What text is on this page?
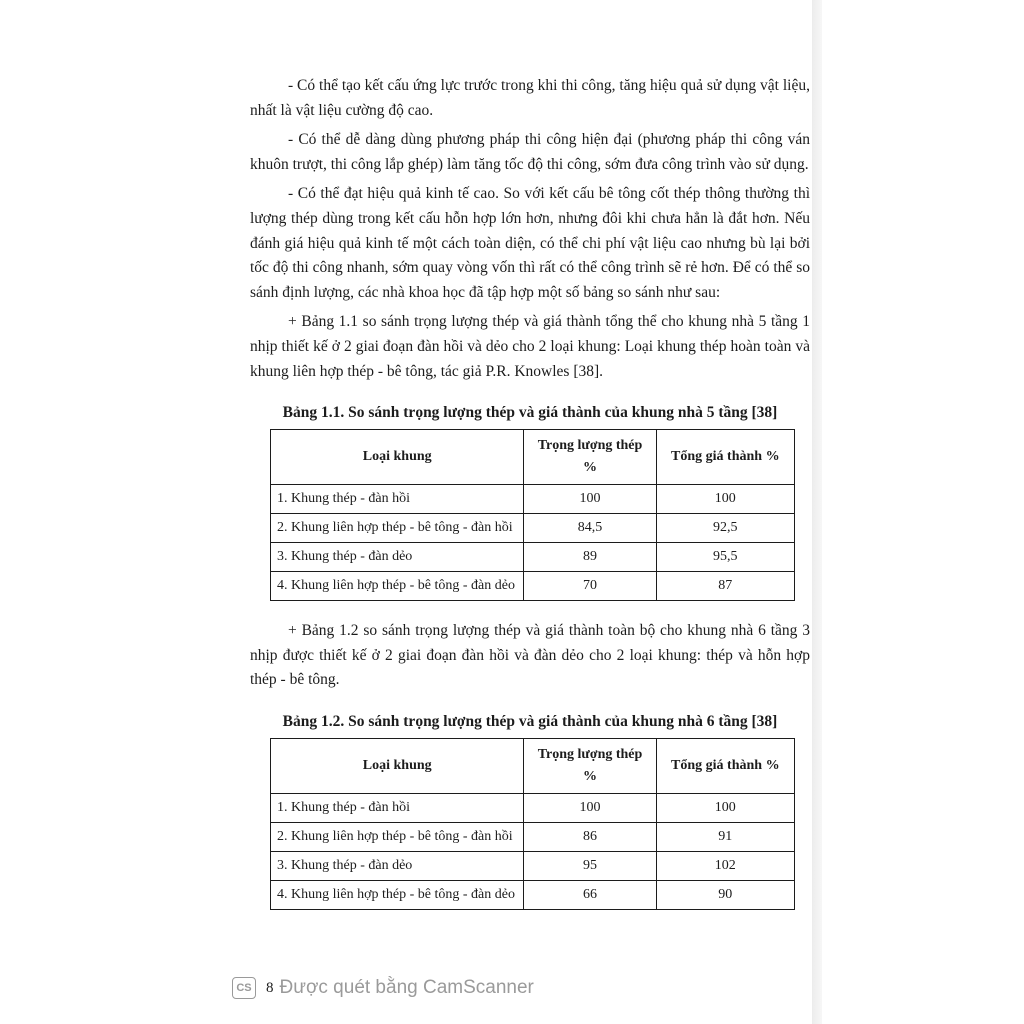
- Có thể tạo kết cấu ứng lực trước trong khi thi công, tăng hiệu quả sử dụng vật liệu, nhất là vật liệu cường độ cao.

- Có thể dễ dàng dùng phương pháp thi công hiện đại (phương pháp thi công ván khuôn trượt, thi công lắp ghép) làm tăng tốc độ thi công, sớm đưa công trình vào sử dụng.

- Có thể đạt hiệu quả kinh tế cao. So với kết cấu bê tông cốt thép thông thường thì lượng thép dùng trong kết cấu hỗn hợp lớn hơn, nhưng đôi khi chưa hẳn là đắt hơn. Nếu đánh giá hiệu quả kinh tế một cách toàn diện, có thể chi phí vật liệu cao nhưng bù lại bởi tốc độ thi công nhanh, sớm quay vòng vốn thì rất có thể công trình sẽ rẻ hơn. Để có thể so sánh định lượng, các nhà khoa học đã tập hợp một số bảng so sánh như sau:

+ Bảng 1.1 so sánh trọng lượng thép và giá thành tổng thể cho khung nhà 5 tầng 1 nhịp thiết kế ở 2 giai đoạn đàn hồi và dẻo cho 2 loại khung: Loại khung thép hoàn toàn và khung liên hợp thép - bê tông, tác giả P.R. Knowles [38].

Bảng 1.1. So sánh trọng lượng thép và giá thành của khung nhà 5 tầng [38]

Loại khung	Trọng lượng thép %	Tổng giá thành %
1. Khung thép - đàn hồi	100	100
2. Khung liên hợp thép - bê tông - đàn hồi	84,5	92,5
3. Khung thép - đàn dẻo	89	95,5
4. Khung liên hợp thép - bê tông - đàn dẻo	70	87

+ Bảng 1.2 so sánh trọng lượng thép và giá thành toàn bộ cho khung nhà 6 tầng 3 nhịp được thiết kế ở 2 giai đoạn đàn hồi và đàn dẻo cho 2 loại khung: thép và hỗn hợp thép - bê tông.

Bảng 1.2. So sánh trọng lượng thép và giá thành của khung nhà 6 tầng [38]

Loại khung	Trọng lượng thép %	Tổng giá thành %
1. Khung thép - đàn hồi	100	100
2. Khung liên hợp thép - bê tông - đàn hồi	86	91
3. Khung thép - đàn dẻo	95	102
4. Khung liên hợp thép - bê tông - đàn dẻo	66	90
CS 8 Được quét bằng CamScanner
